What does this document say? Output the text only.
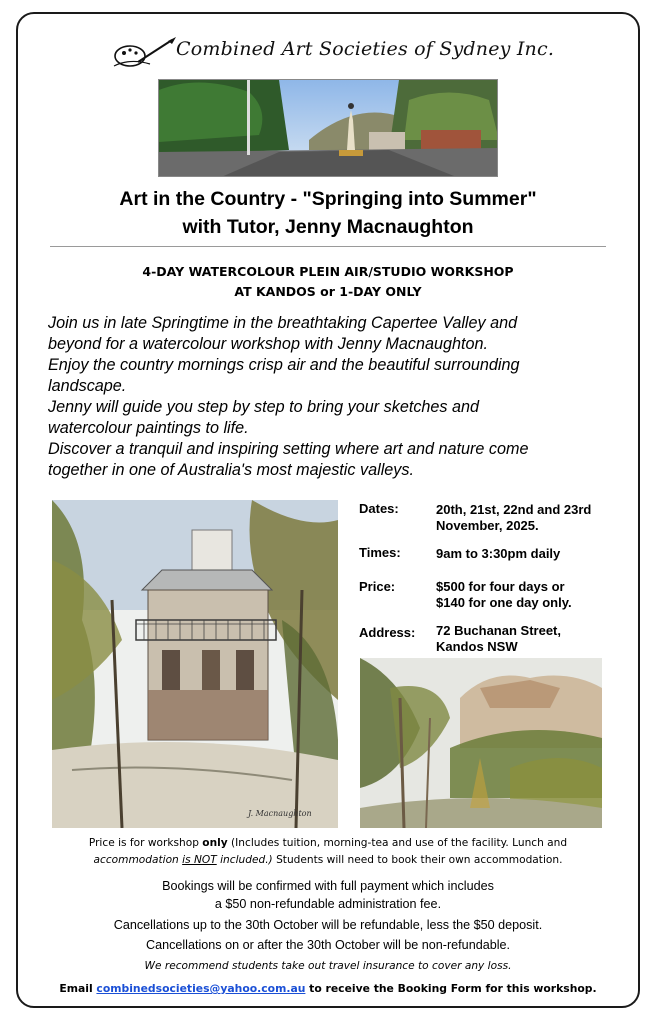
Combined Art Societies of Sydney Inc.
Art in the Country - "Springing into Summer"
with Tutor, Jenny Macnaughton
4-DAY WATERCOLOUR PLEIN AIR/STUDIO WORKSHOP
AT KANDOS or 1-DAY ONLY
Join us in late Springtime in the breathtaking Capertee Valley and
beyond for a watercolour workshop with Jenny Macnaughton.
Enjoy the country mornings crisp air and the beautiful surrounding
landscape.
Jenny will guide you step by step to bring your sketches and
watercolour paintings to life.
Discover a tranquil and inspiring setting where art and nature come
together in one of Australia's most majestic valleys.
J. Macnaughton
Dates:	20th, 21st, 22nd and 23rd
November, 2025.
Times:	9am to 3:30pm daily
Price:	$500 for four days or
$140 for one day only.
Address: 72 Buchanan Street,
Kandos NSW
Price is for workshop only (Includes tuition, morning-tea and use of the facility. Lunch and
accommodation is NOT included.) Students will need to book their own accommodation.
Bookings will be confirmed with full payment which includes
a $50 non-refundable administration fee.
Cancellations up to the 30th October will be refundable, less the $50 deposit.
Cancellations on or after the 30th October will be non-refundable.
We recommend students take out travel insurance to cover any loss.
Email combinedsocieties@yahoo.com.au to receive the Booking Form for this workshop.
